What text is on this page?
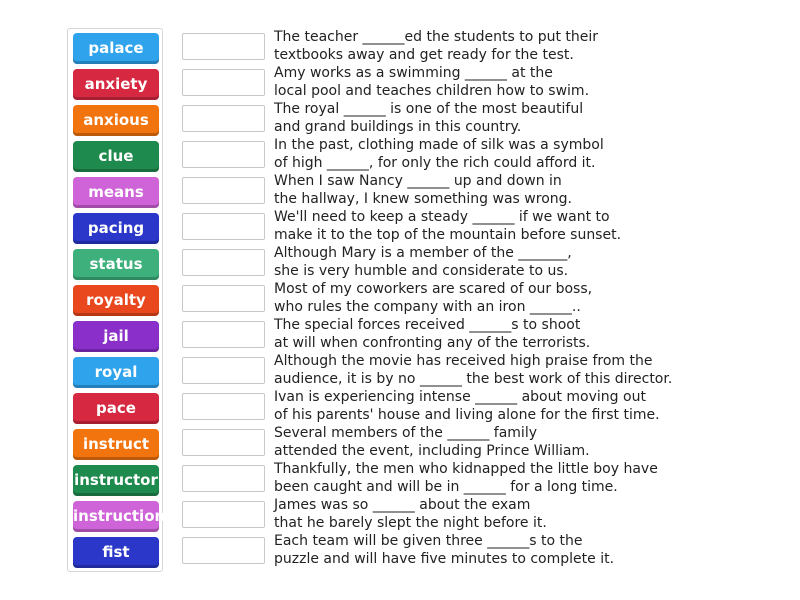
palace
anxiety
anxious
clue
means
pacing
status
royalty
jail
royal
pace
instruct
instructor
instruction
fist
The teacher ______ed the students to put their
textbooks away and get ready for the test.
Amy works as a swimming ______ at the
local pool and teaches children how to swim.
The royal ______ is one of the most beautiful
and grand buildings in this country.
In the past, clothing made of silk was a symbol
of high ______, for only the rich could afford it.
When I saw Nancy ______ up and down in
the hallway, I knew something was wrong.
We'll need to keep a steady ______ if we want to
make it to the top of the mountain before sunset.
Although Mary is a member of the _______,
she is very humble and considerate to us.
Most of my coworkers are scared of our boss,
who rules the company with an iron ______..
The special forces received ______s to shoot
at will when confronting any of the terrorists.
Although the movie has received high praise from the
audience, it is by no ______ the best work of this director.
Ivan is experiencing intense ______ about moving out
of his parents' house and living alone for the first time.
Several members of the ______ family
attended the event, including Prince William.
Thankfully, the men who kidnapped the little boy have
been caught and will be in ______ for a long time.
James was so ______ about the exam
that he barely slept the night before it.
Each team will be given three ______s to the
puzzle and will have five minutes to complete it.
